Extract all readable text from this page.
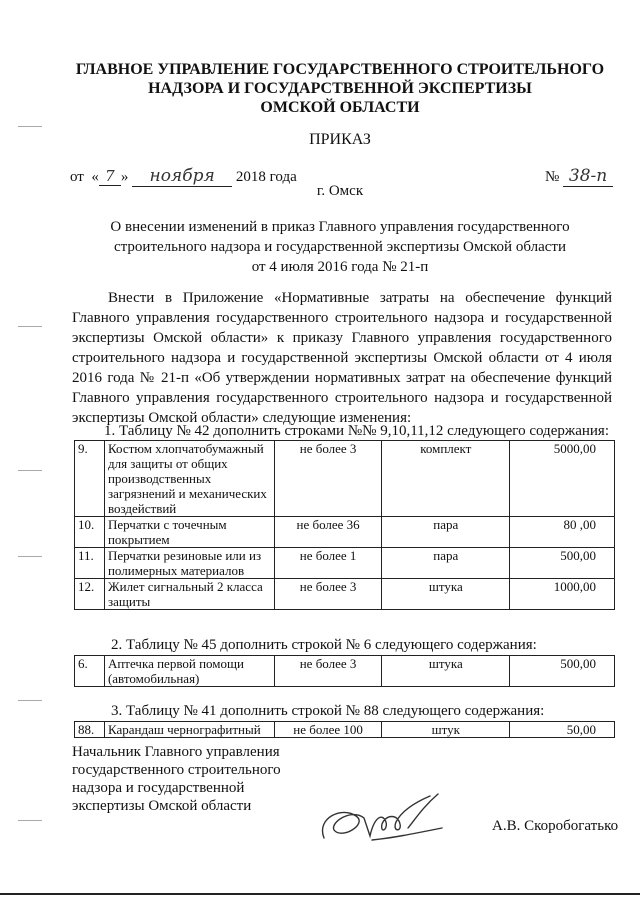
ГЛАВНОЕ УПРАВЛЕНИЕ ГОСУДАРСТВЕННОГО СТРОИТЕЛЬНОГО
НАДЗОРА И ГОСУДАРСТВЕННОЙ ЭКСПЕРТИЗЫ
ОМСКОЙ ОБЛАСТИ
ПРИКАЗ
от  « 7 » ноября 2018 года	№ 38-п
г. Омск
О внесении изменений в приказ Главного управления государственного
строительного надзора и государственной экспертизы Омской области
от 4 июля 2016 года № 21-п
Внести в Приложение «Нормативные затраты на обеспечение функций Главного управления государственного строительного надзора и государственной экспертизы Омской области» к приказу Главного управления государственного строительного надзора и государственной экспертизы Омской области от 4 июля 2016 года № 21-п «Об утверждении нормативных затрат на обеспечение функций Главного управления государственного строительного надзора и государственной экспертизы Омской области» следующие изменения:
1. Таблицу № 42 дополнить строками №№ 9,10,11,12 следующего содержания:
9.	Костюм хлопчатобумажный для защиты от общих производственных загрязнений и механических воздействий	не более 3	комплект	5000,00
10.	Перчатки с точечным покрытием	не более 36	пара	80 ,00
11.	Перчатки резиновые или из полимерных материалов	не более 1	пара	500,00
12.	Жилет сигнальный 2 класса защиты	не более 3	штука	1000,00
2. Таблицу № 45 дополнить строкой № 6 следующего содержания:
6.	Аптечка первой помощи (автомобильная)	не более 3	штука	500,00
3. Таблицу № 41 дополнить строкой № 88 следующего содержания:
88.	Карандаш чернографитный	не более 100	штук	50,00
Начальник Главного управления
государственного строительного
надзора и государственной
экспертизы Омской области
А.В. Скоробогатько
